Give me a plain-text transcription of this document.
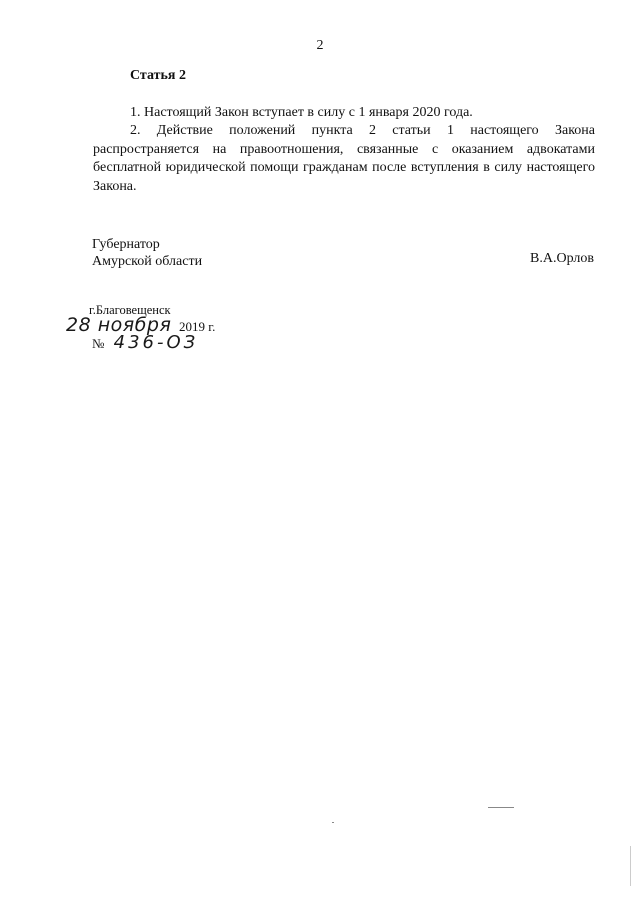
2
Статья 2
1. Настоящий Закон вступает в силу с 1 января 2020 года.
2. Действие положений пункта 2 статьи 1 настоящего Закона распространяется на правоотношения, связанные с оказанием адвокатами бесплатной юридической помощи гражданам после вступления в силу настоящего Закона.
Губернатор
Амурской области	В.А.Орлов
г.Благовещенск
28 ноября 2019 г.
№ 436-ОЗ
